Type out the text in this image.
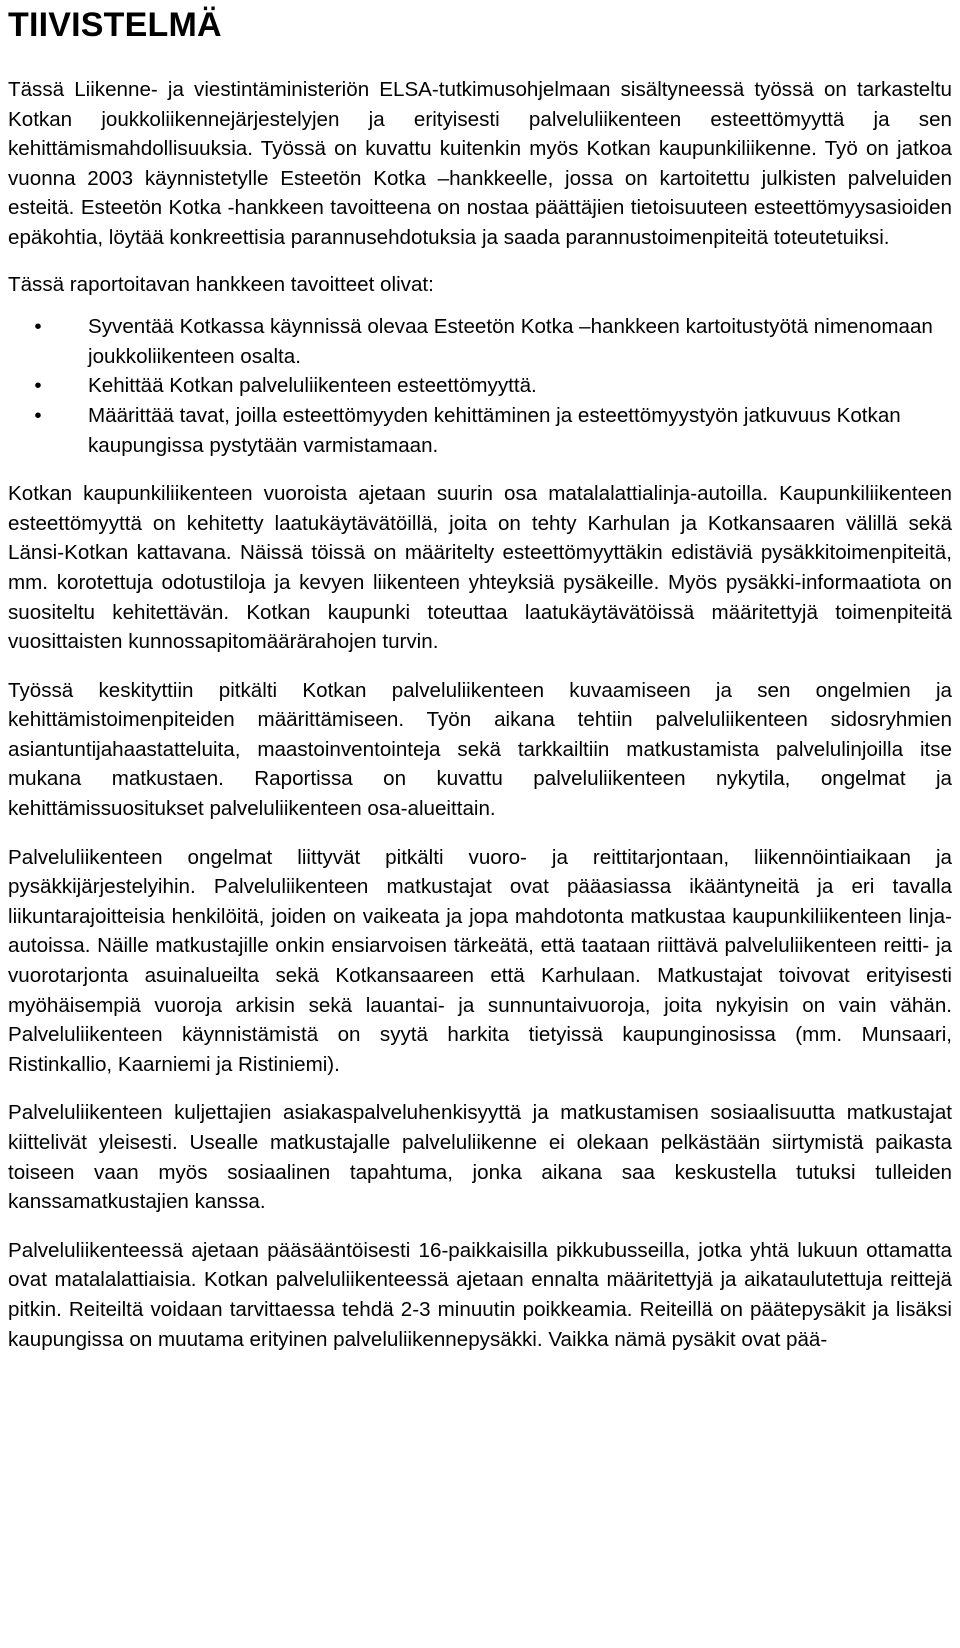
TIIVISTELMÄ

Tässä Liikenne- ja viestintäministeriön ELSA-tutkimusohjelmaan sisältyneessä työssä on tarkasteltu Kotkan joukkoliikennejärjestelyjen ja erityisesti palveluliikenteen esteettömyyttä ja sen kehittämismahdollisuuksia. Työssä on kuvattu kuitenkin myös Kotkan kaupunkiliikenne. Työ on jatkoa vuonna 2003 käynnistetylle Esteetön Kotka –hankkeelle, jossa on kartoitettu julkisten palveluiden esteitä. Esteetön Kotka -hankkeen tavoitteena on nostaa päättäjien tietoisuuteen esteettömyysasioiden epäkohtia, löytää konkreettisia parannusehdotuksia ja saada parannustoimenpiteitä toteutetuiksi.

Tässä raportoitavan hankkeen tavoitteet olivat:

•	Syventää Kotkassa käynnissä olevaa Esteetön Kotka –hankkeen kartoitustyötä nimenomaan joukkoliikenteen osalta.
•	Kehittää Kotkan palveluliikenteen esteettömyyttä.
•	Määrittää tavat, joilla esteettömyyden kehittäminen ja esteettömyystyön jatkuvuus Kotkan kaupungissa pystytään varmistamaan.

Kotkan kaupunkiliikenteen vuoroista ajetaan suurin osa matalalattialinja-autoilla. Kaupunkiliikenteen esteettömyyttä on kehitetty laatukäytävätöillä, joita on tehty Karhulan ja Kotkansaaren välillä sekä Länsi-Kotkan kattavana. Näissä töissä on määritelty esteettömyyttäkin edistäviä pysäkkitoimenpiteitä, mm. korotettuja odotustiloja ja kevyen liikenteen yhteyksiä pysäkeille. Myös pysäkki-informaatiota on suositeltu kehitettävän. Kotkan kaupunki toteuttaa laatukäytävätöissä määritettyjä toimenpiteitä vuosittaisten kunnossapitomäärärahojen turvin.

Työssä keskityttiin pitkälti Kotkan palveluliikenteen kuvaamiseen ja sen ongelmien ja kehittämistoimenpiteiden määrittämiseen. Työn aikana tehtiin palveluliikenteen sidosryhmien asiantuntijahaastatteluita, maastoinventointeja sekä tarkkailtiin matkustamista palvelulinjoilla itse mukana matkustaen. Raportissa on kuvattu palveluliikenteen nykytila, ongelmat ja kehittämissuositukset palveluliikenteen osa-alueittain.

Palveluliikenteen ongelmat liittyvät pitkälti vuoro- ja reittitarjontaan, liikennöintiaikaan ja pysäkkijärjestelyihin. Palveluliikenteen matkustajat ovat pääasiassa ikääntyneitä ja eri tavalla liikuntarajoitteisia henkilöitä, joiden on vaikeata ja jopa mahdotonta matkustaa kaupunkiliikenteen linja-autoissa. Näille matkustajille onkin ensiarvoisen tärkeätä, että taataan riittävä palveluliikenteen reitti- ja vuorotarjonta asuinalueilta sekä Kotkansaareen että Karhulaan. Matkustajat toivovat erityisesti myöhäisempiä vuoroja arkisin sekä lauantai- ja sunnuntaivuoroja, joita nykyisin on vain vähän. Palveluliikenteen käynnistämistä on syytä harkita tietyissä kaupunginosissa (mm. Munsaari, Ristinkallio, Kaarniemi ja Ristiniemi).

Palveluliikenteen kuljettajien asiakaspalveluhenkisyyttä ja matkustamisen sosiaalisuutta matkustajat kiittelivät yleisesti. Usealle matkustajalle palveluliikenne ei olekaan pelkästään siirtymistä paikasta toiseen vaan myös sosiaalinen tapahtuma, jonka aikana saa keskustella tutuksi tulleiden kanssamatkustajien kanssa.

Palveluliikenteessä ajetaan pääsääntöisesti 16-paikkaisilla pikkubusseilla, jotka yhtä lukuun ottamatta ovat matalalattiaisia. Kotkan palveluliikenteessä ajetaan ennalta määritettyjä ja aikataulutettuja reittejä pitkin. Reiteiltä voidaan tarvittaessa tehdä 2-3 minuutin poikkeamia. Reiteillä on päätepysäkit ja lisäksi kaupungissa on muutama erityinen palveluliikennepysäkki. Vaikka nämä pysäkit ovat pää-
